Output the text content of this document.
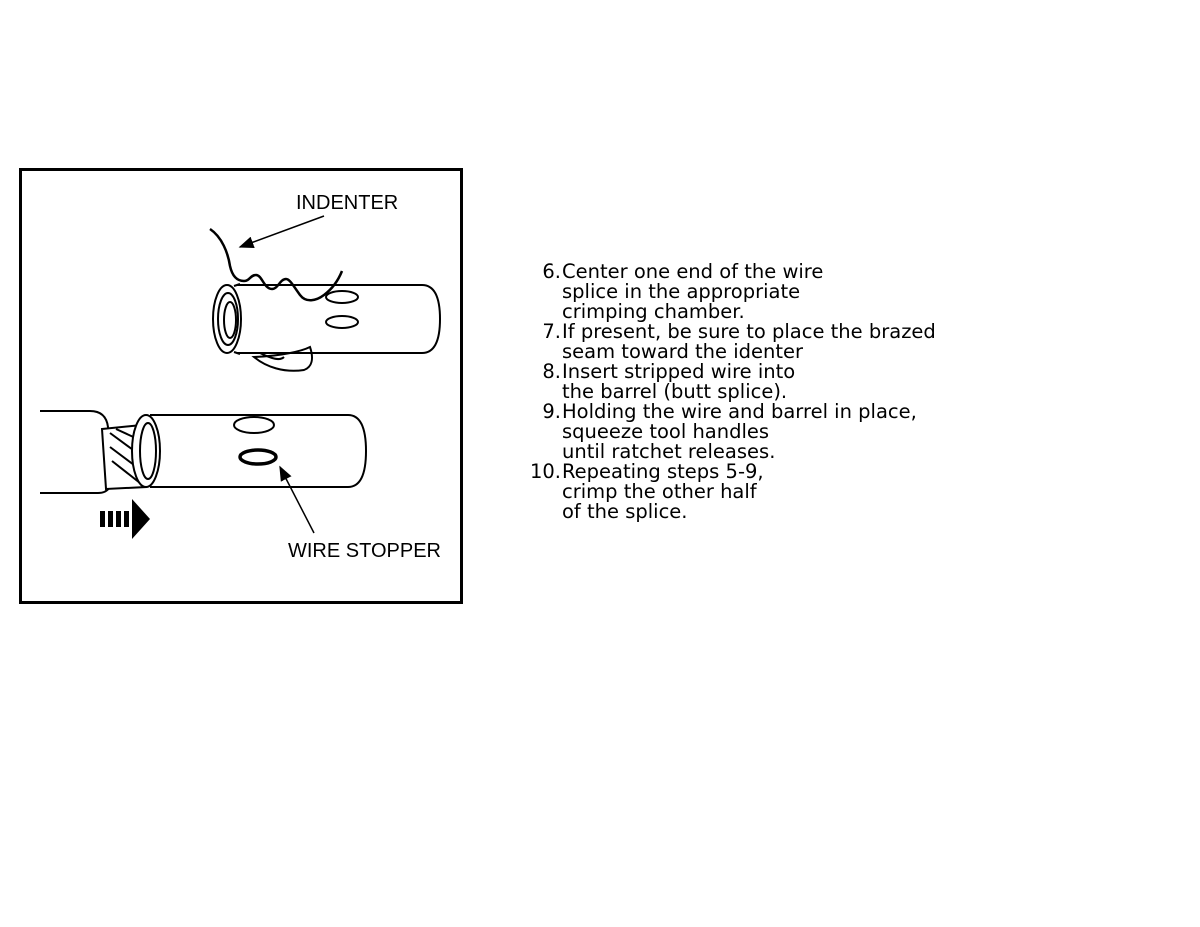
INDENTER
WIRE STOPPER
6. Center one end of the wire
splice in the appropriate
crimping chamber.
7. If present, be sure to place the brazed
seam toward the identer
8. Insert stripped wire into
the barrel (butt splice).
9. Holding the wire and barrel in place,
squeeze tool handles
until ratchet releases.
10. Repeating steps 5-9,
crimp the other half
of the splice.
